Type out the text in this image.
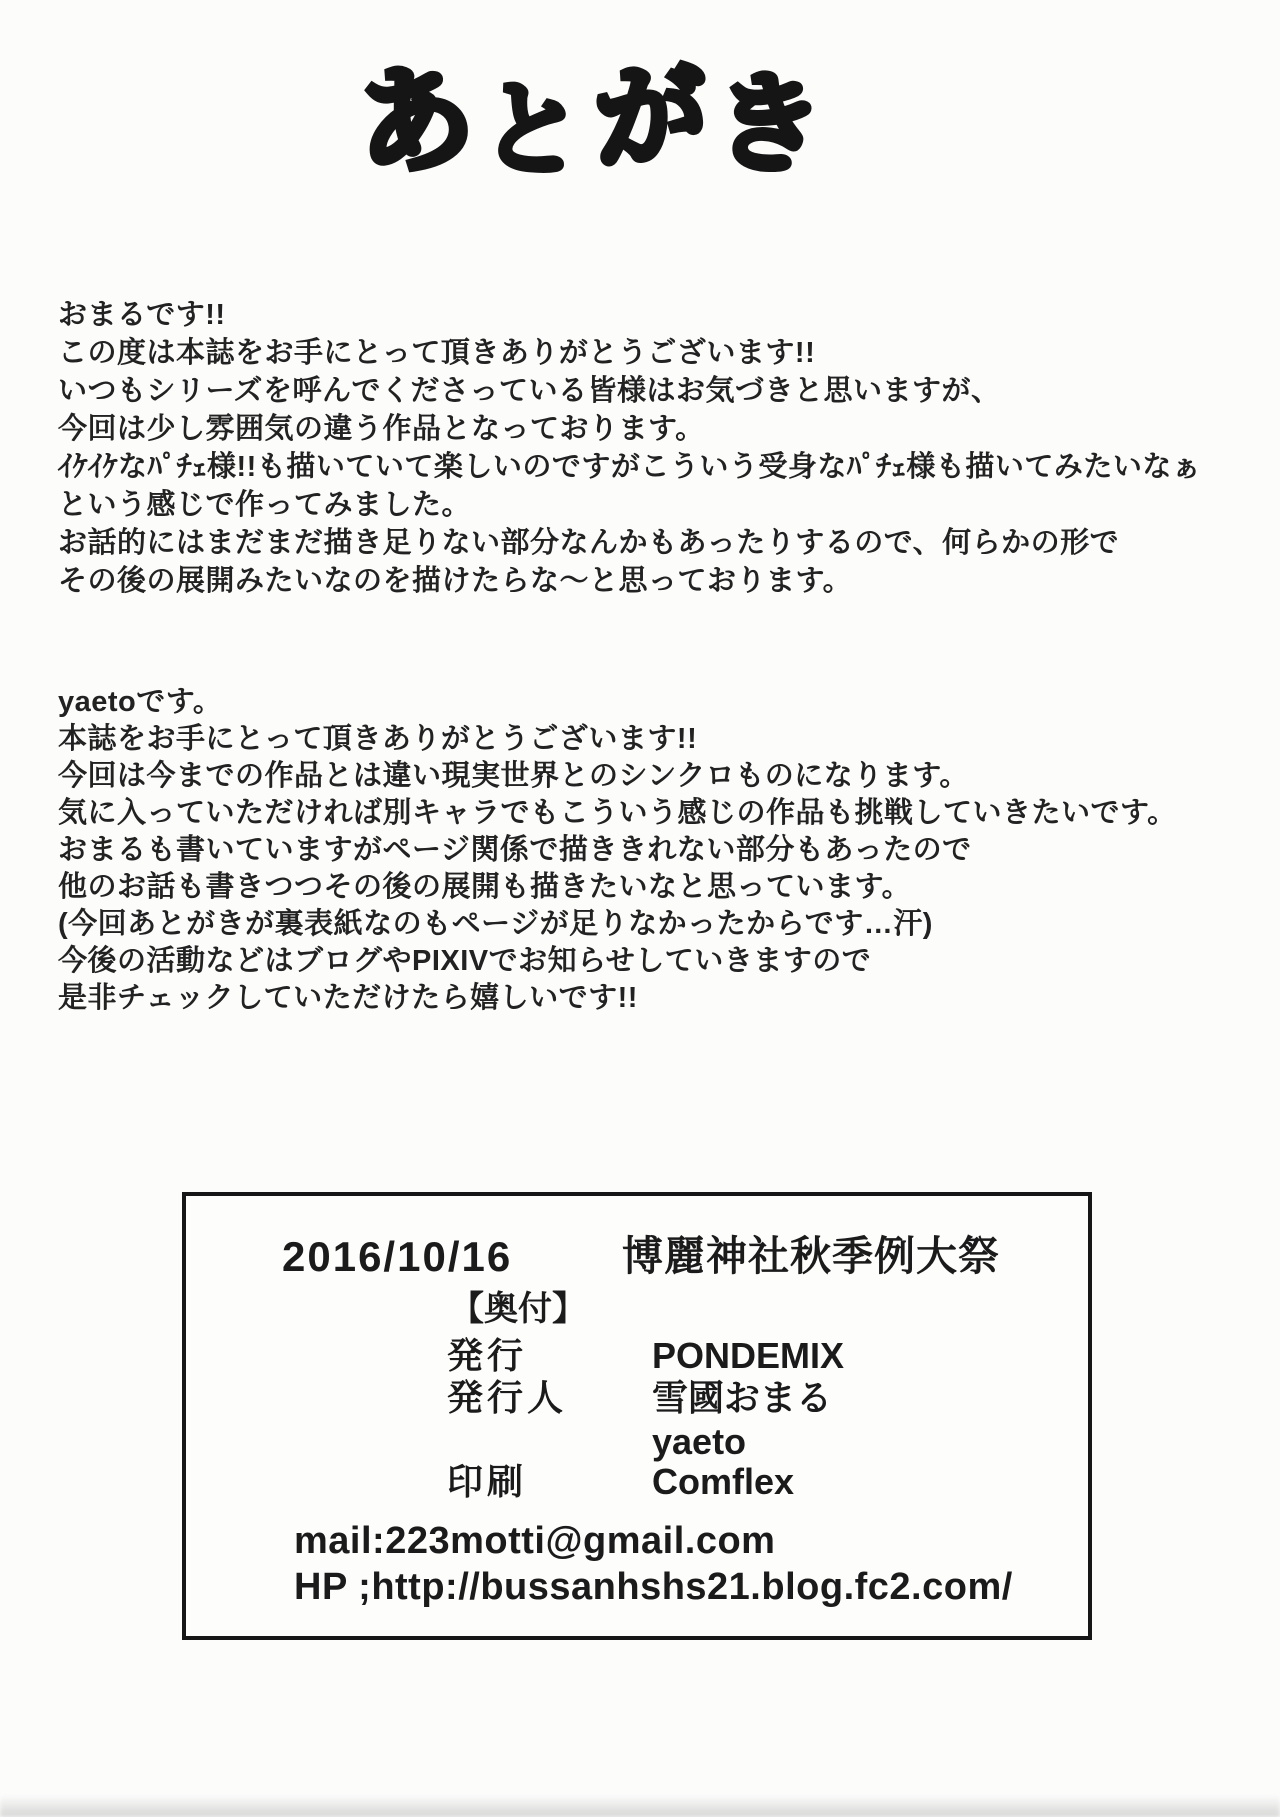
あとがき
おまるです!!
この度は本誌をお手にとって頂きありがとうございます!!
いつもシリーズを呼んでくださっている皆様はお気づきと思いますが、
今回は少し雰囲気の違う作品となっております。
ｲｹｲｹなﾊﾟﾁｪ様!!も描いていて楽しいのですがこういう受身なﾊﾟﾁｪ様も描いてみたいなぁ
という感じで作ってみました。
お話的にはまだまだ描き足りない部分なんかもあったりするので、何らかの形で
その後の展開みたいなのを描けたらな～と思っております。
yaetoです。
本誌をお手にとって頂きありがとうございます!!
今回は今までの作品とは違い現実世界とのシンクロものになります。
気に入っていただければ別キャラでもこういう感じの作品も挑戦していきたいです。
おまるも書いていますがページ関係で描ききれない部分もあったので
他のお話も書きつつその後の展開も描きたいなと思っています。
(今回あとがきが裏表紙なのもページが足りなかったからです…汗)
今後の活動などはブログやPIXIVでお知らせしていきますので
是非チェックしていただけたら嬉しいです!!
2016/10/16	博麗神社秋季例大祭
【奥付】
発行	PONDEMIX
発行人 雪國おまる
yaeto
印刷	Comflex
mail:223motti@gmail.com
HP ;http://bussanhshs21.blog.fc2.com/
